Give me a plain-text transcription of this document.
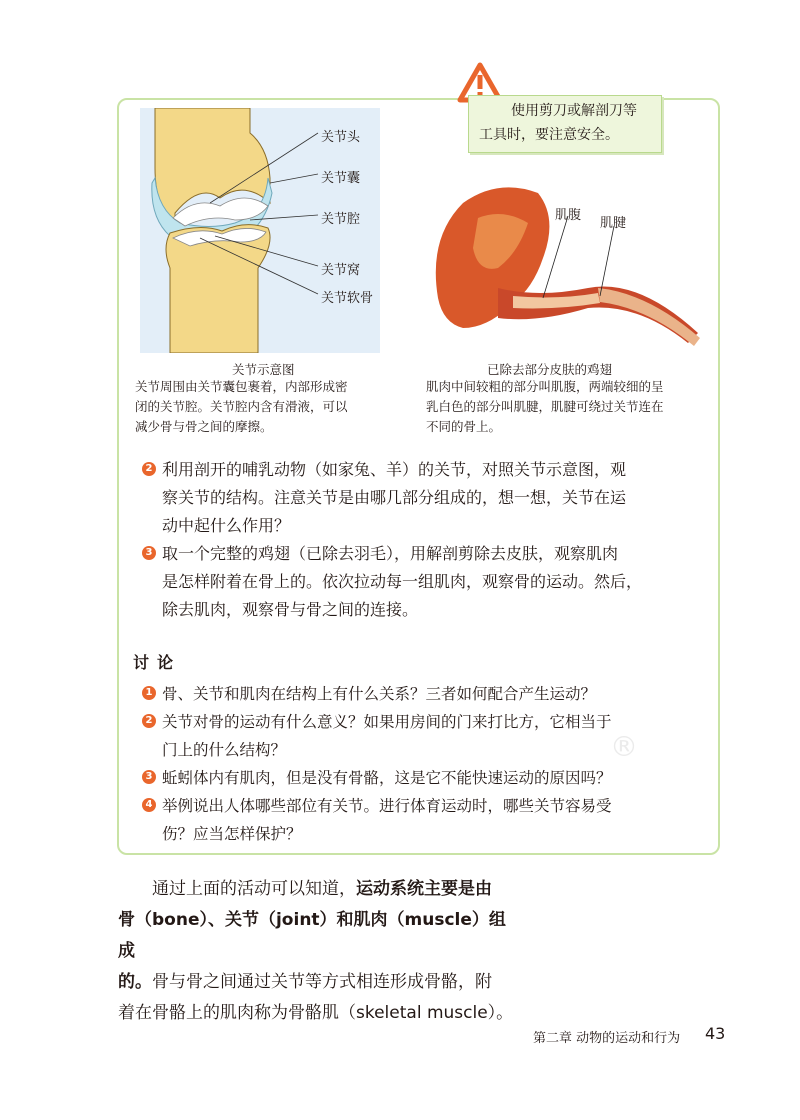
使用剪刀或解剖刀等
工具时，要注意安全。
关节头
关节囊
关节腔
关节窝
关节软骨
关节示意图
关节周围由关节囊包裹着，内部形成密
闭的关节腔。关节腔内含有滑液，可以
减少骨与骨之间的摩擦。
肌腹
肌腱
已除去部分皮肤的鸡翅
肌肉中间较粗的部分叫肌腹，两端较细的呈
乳白色的部分叫肌腱，肌腱可绕过关节连在
不同的骨上。
2 利用剖开的哺乳动物（如家兔、羊）的关节，对照关节示意图，观
察关节的结构。注意关节是由哪几部分组成的，想一想，关节在运
动中起什么作用？
3 取一个完整的鸡翅（已除去羽毛），用解剖剪除去皮肤，观察肌肉
是怎样附着在骨上的。依次拉动每一组肌肉，观察骨的运动。然后，
除去肌肉，观察骨与骨之间的连接。
讨论
1 骨、关节和肌肉在结构上有什么关系？三者如何配合产生运动？
2 关节对骨的运动有什么意义？如果用房间的门来打比方，它相当于
门上的什么结构？
3 蚯蚓体内有肌肉，但是没有骨骼，这是它不能快速运动的原因吗？
4 举例说出人体哪些部位有关节。进行体育运动时，哪些关节容易受
伤？应当怎样保护？
®
通过上面的活动可以知道，运动系统主要是由
骨（bone）、关节（joint）和肌肉（muscle）组成
的。骨与骨之间通过关节等方式相连形成骨骼，附
着在骨骼上的肌肉称为骨骼肌（skeletal muscle）。
第二章 动物的运动和行为 43
